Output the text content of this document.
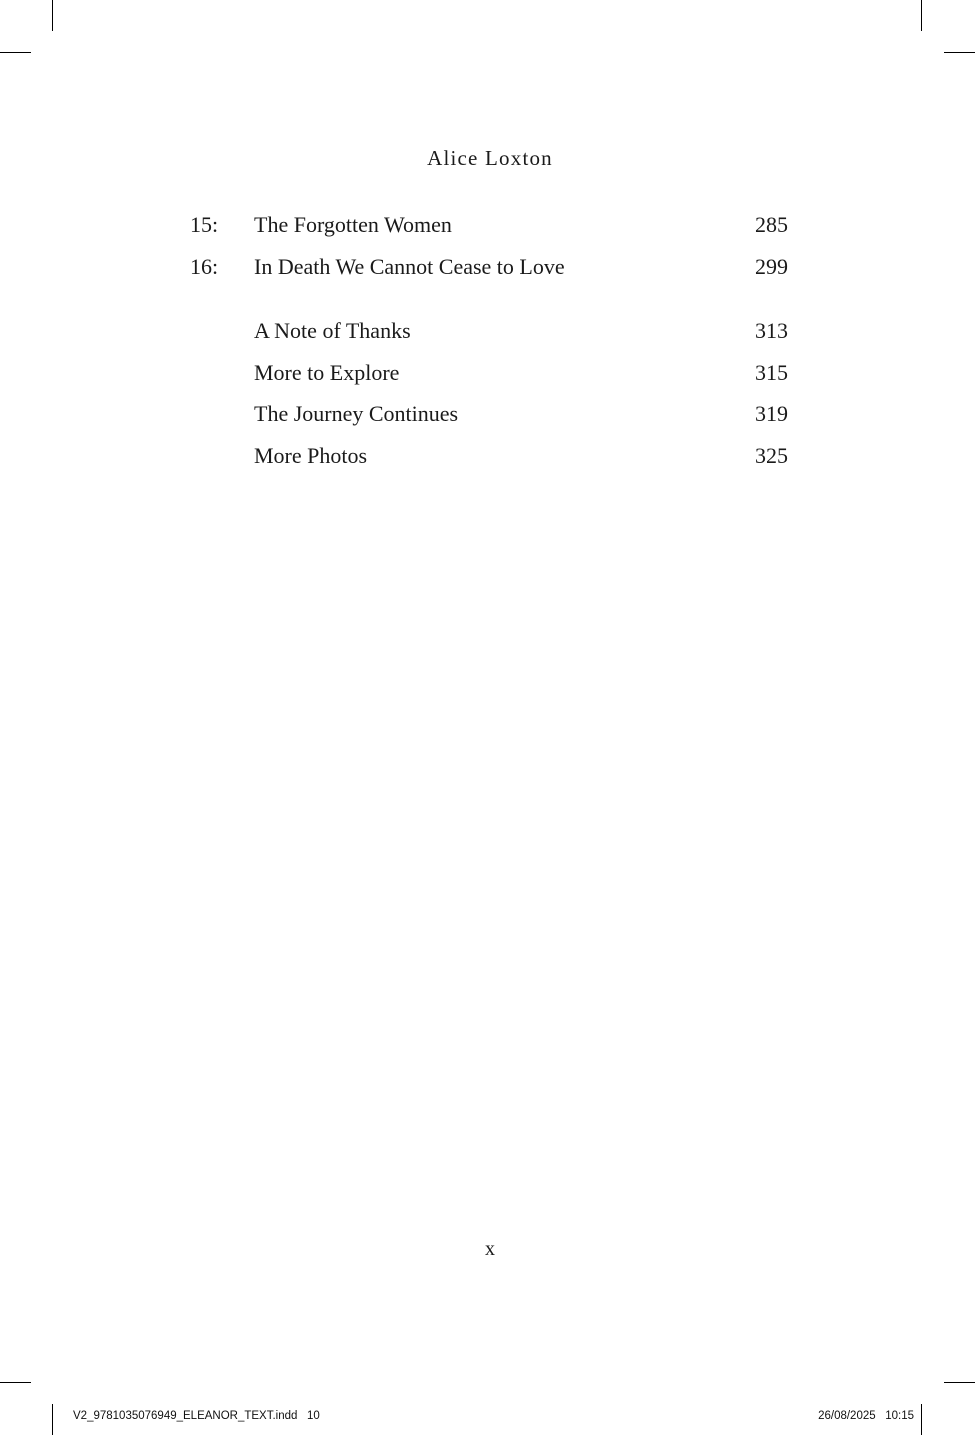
Alice Loxton
15: The Forgotten Women	285
16: In Death We Cannot Cease to Love	299
A Note of Thanks	313
More to Explore	315
The Journey Continues	319
More Photos	325
x
V2_9781035076949_ELEANOR_TEXT.indd   10	26/08/2025   10:15
